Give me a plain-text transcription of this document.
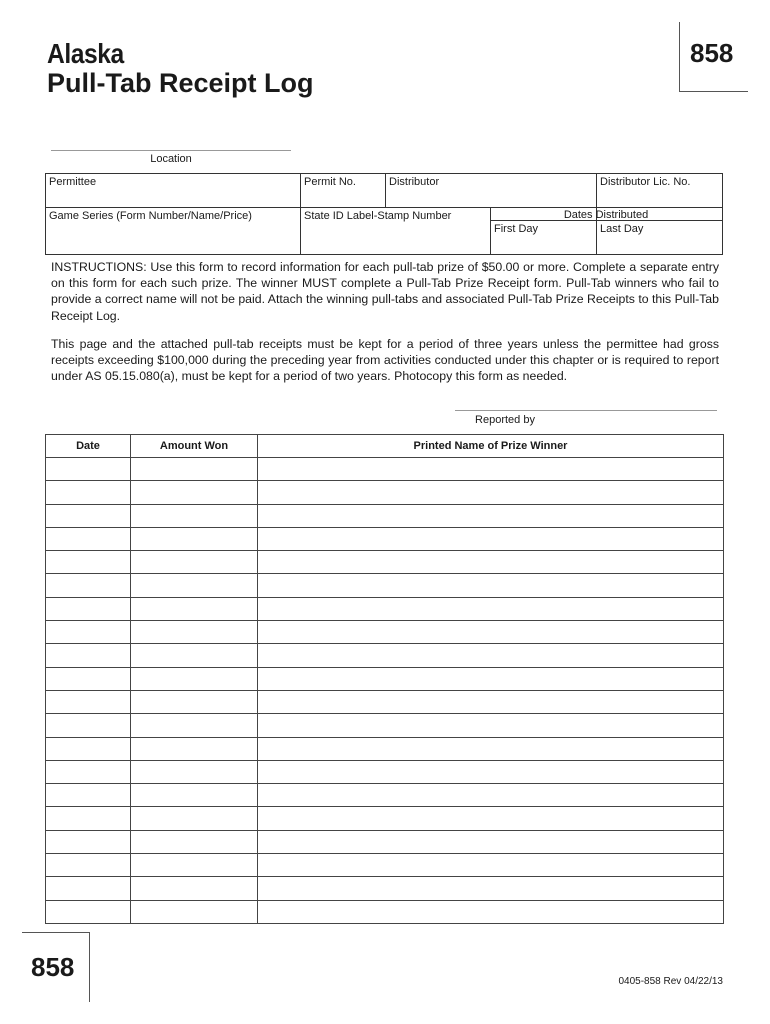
Alaska
Pull-Tab Receipt Log
858
Location
Permittee	Permit No.	Distributor	Distributor Lic. No.
Game Series (Form Number/Name/Price)	State ID Label-Stamp Number	Dates Distributed
First Day	Last Day

INSTRUCTIONS: Use this form to record information for each pull-tab prize of $50.00 or more. Complete a separate entry on this form for each such prize. The winner MUST complete a Pull-Tab Prize Receipt form. Pull-Tab winners who fail to provide a correct name will not be paid. Attach the winning pull-tabs and associated Pull-Tab Prize Receipts to this Pull-Tab Receipt Log.

This page and the attached pull-tab receipts must be kept for a period of three years unless the permittee had gross receipts exceeding $100,000 during the preceding year from activities conducted under this chapter or is required to report under AS 05.15.080(a), must be kept for a period of two years. Photocopy this form as needed.

Reported by
Date	Amount Won	Printed Name of Prize Winner

858	0405-858 Rev 04/22/13
